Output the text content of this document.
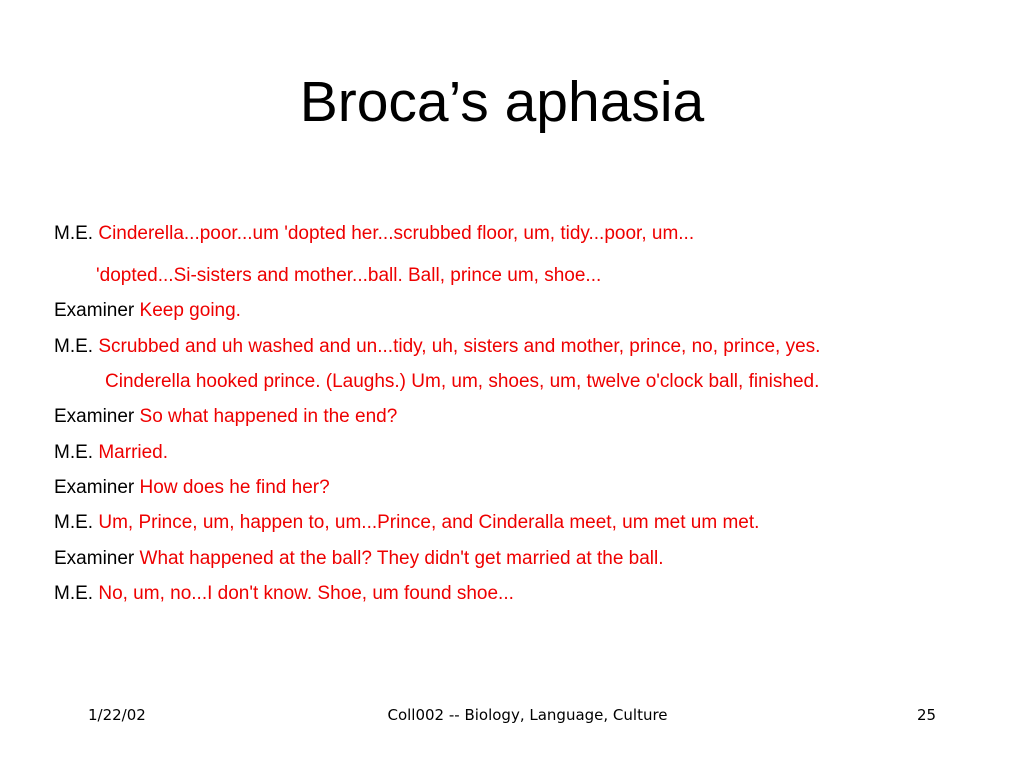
Broca’s aphasia
M.E. Cinderella...poor...um 'dopted her...scrubbed floor, um, tidy...poor, um...
'dopted...Si-sisters and mother...ball. Ball, prince um, shoe...
Examiner Keep going.
M.E. Scrubbed and uh washed and un...tidy, uh, sisters and mother, prince, no, prince, yes.
Cinderella hooked prince. (Laughs.) Um, um, shoes, um, twelve o'clock ball, finished.
Examiner So what happened in the end?
M.E. Married.
Examiner How does he find her?
M.E. Um, Prince, um, happen to, um...Prince, and Cinderalla meet, um met um met.
Examiner What happened at the ball? They didn't get married at the ball.
M.E. No, um, no...I don't know. Shoe, um found shoe...
1/22/02	Coll002 -- Biology, Language, Culture	25
